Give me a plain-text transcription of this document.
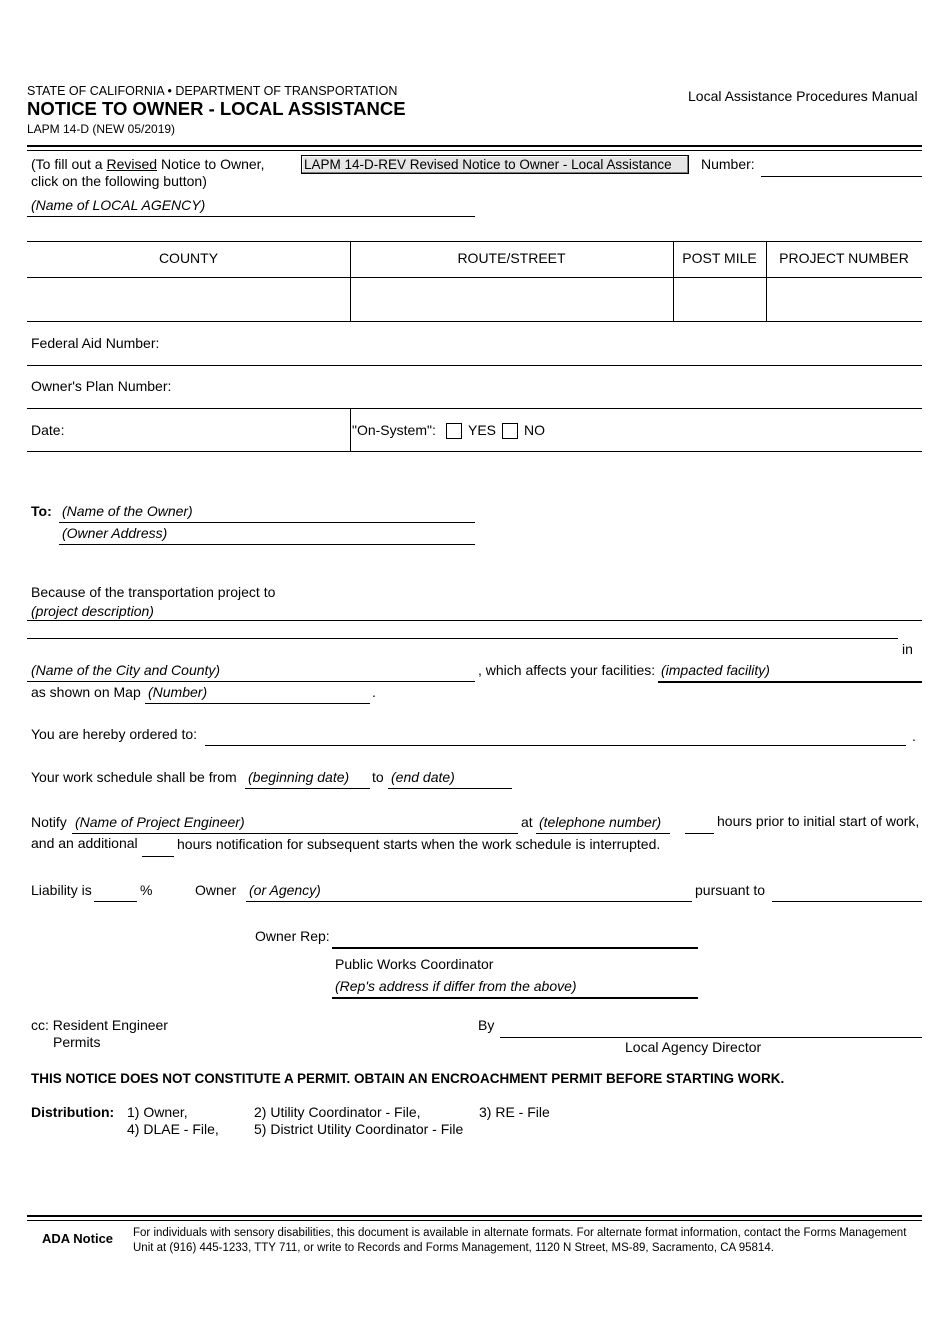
STATE OF CALIFORNIA • DEPARTMENT OF TRANSPORTATION
NOTICE TO OWNER - LOCAL ASSISTANCE
LAPM 14-D (NEW 05/2019)
Local Assistance Procedures Manual
(To fill out a Revised Notice to Owner,
click on the following button)
LAPM 14-D-REV Revised Notice to Owner - Local Assistance	Number:
(Name of LOCAL AGENCY)
COUNTY	ROUTE/STREET	POST MILE	PROJECT NUMBER
Federal Aid Number:
Owner's Plan Number:
Date:	"On-System": YES NO
To: (Name of the Owner)
(Owner Address)
Because of the transportation project to
(project description)
in
(Name of the City and County)	, which affects your facilities: (impacted facility)
as shown on Map (Number)	.
You are hereby ordered to:	.
Your work schedule shall be from (beginning date) to (end date)
Notify (Name of Project Engineer)	at (telephone number)	hours prior to initial start of work,
and an additional	hours notification for subsequent starts when the work schedule is interrupted.
Liability is	%	Owner (or Agency)	pursuant to
Owner Rep:
Public Works Coordinator
(Rep's address if differ from the above)
cc: Resident Engineer
Permits
By
Local Agency Director
THIS NOTICE DOES NOT CONSTITUTE A PERMIT. OBTAIN AN ENCROACHMENT PERMIT BEFORE STARTING WORK.
Distribution: 1) Owner,	2) Utility Coordinator - File,	3) RE - File
4) DLAE - File,	5) District Utility Coordinator - File
ADA Notice For individuals with sensory disabilities, this document is available in alternate formats. For alternate format information, contact the Forms Management Unit at (916) 445-1233, TTY 711, or write to Records and Forms Management, 1120 N Street, MS-89, Sacramento, CA 95814.
